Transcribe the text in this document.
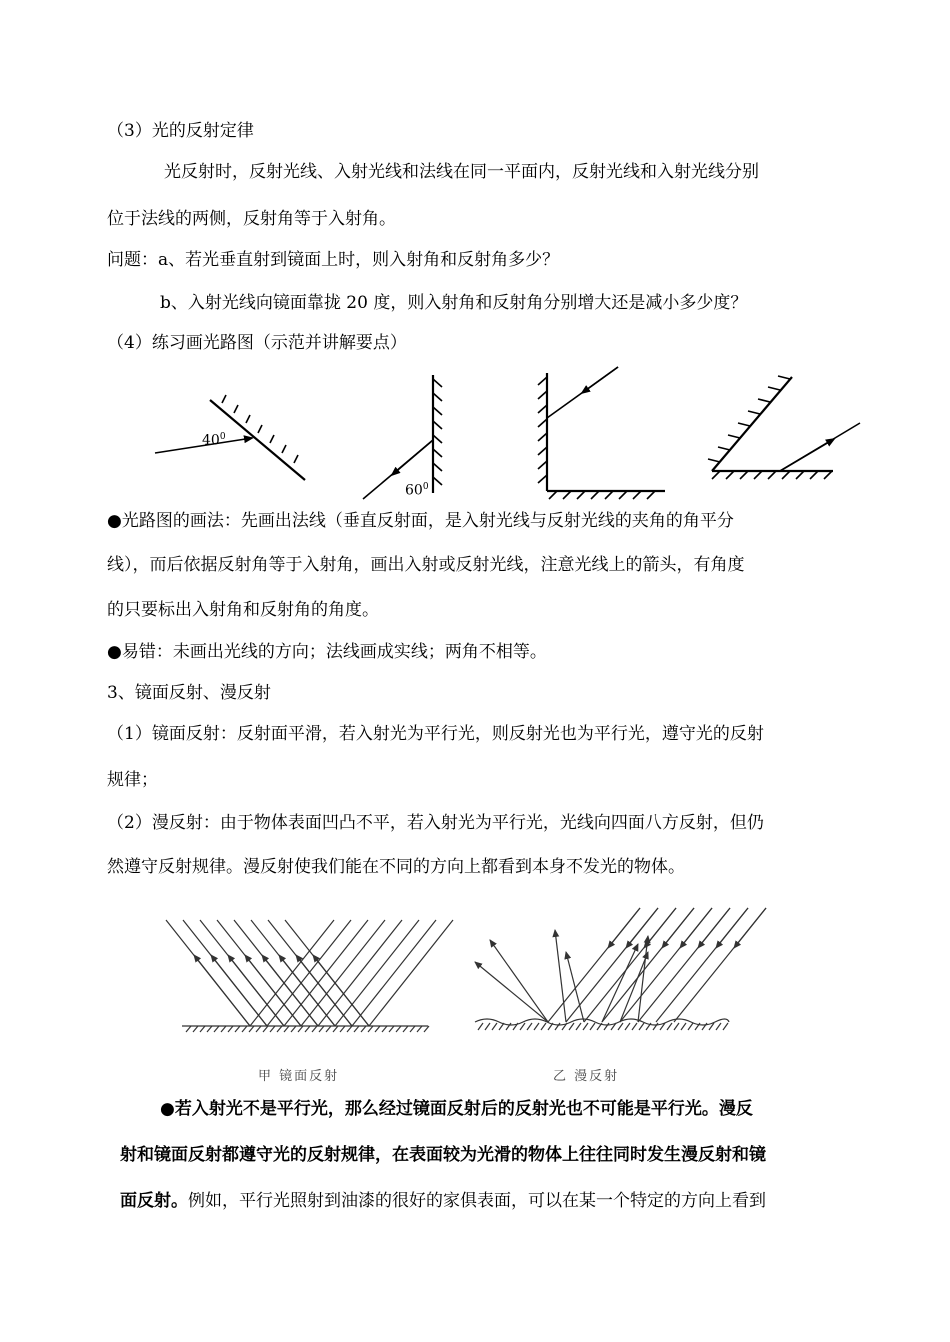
（3）光的反射定律
光反射时，反射光线、入射光线和法线在同一平面内，反射光线和入射光线分别
位于法线的两侧，反射角等于入射角。
问题：a、若光垂直射到镜面上时，则入射角和反射角多少？
b、入射光线向镜面靠拢 20 度，则入射角和反射角分别增大还是减小多少度？
（4）练习画光路图（示范并讲解要点）
$40^0$
$60^0$
●光路图的画法：先画出法线（垂直反射面，是入射光线与反射光线的夹角的角平分
线），而后依据反射角等于入射角，画出入射或反射光线，注意光线上的箭头，有角度
的只要标出入射角和反射角的角度。
●易错：未画出光线的方向；法线画成实线；两角不相等。
3、镜面反射、漫反射
（1）镜面反射：反射面平滑，若入射光为平行光，则反射光也为平行光，遵守光的反射
规律；
（2）漫反射：由于物体表面凹凸不平，若入射光为平行光，光线向四面八方反射，但仍
然遵守反射规律。漫反射使我们能在不同的方向上都看到本身不发光的物体。
甲 镜面反射	乙 漫反射
●若入射光不是平行光，那么经过镜面反射后的反射光也不可能是平行光。漫反
射和镜面反射都遵守光的反射规律，在表面较为光滑的物体上往往同时发生漫反射和镜
面反射。例如，平行光照射到油漆的很好的家俱表面，可以在某一个特定的方向上看到
